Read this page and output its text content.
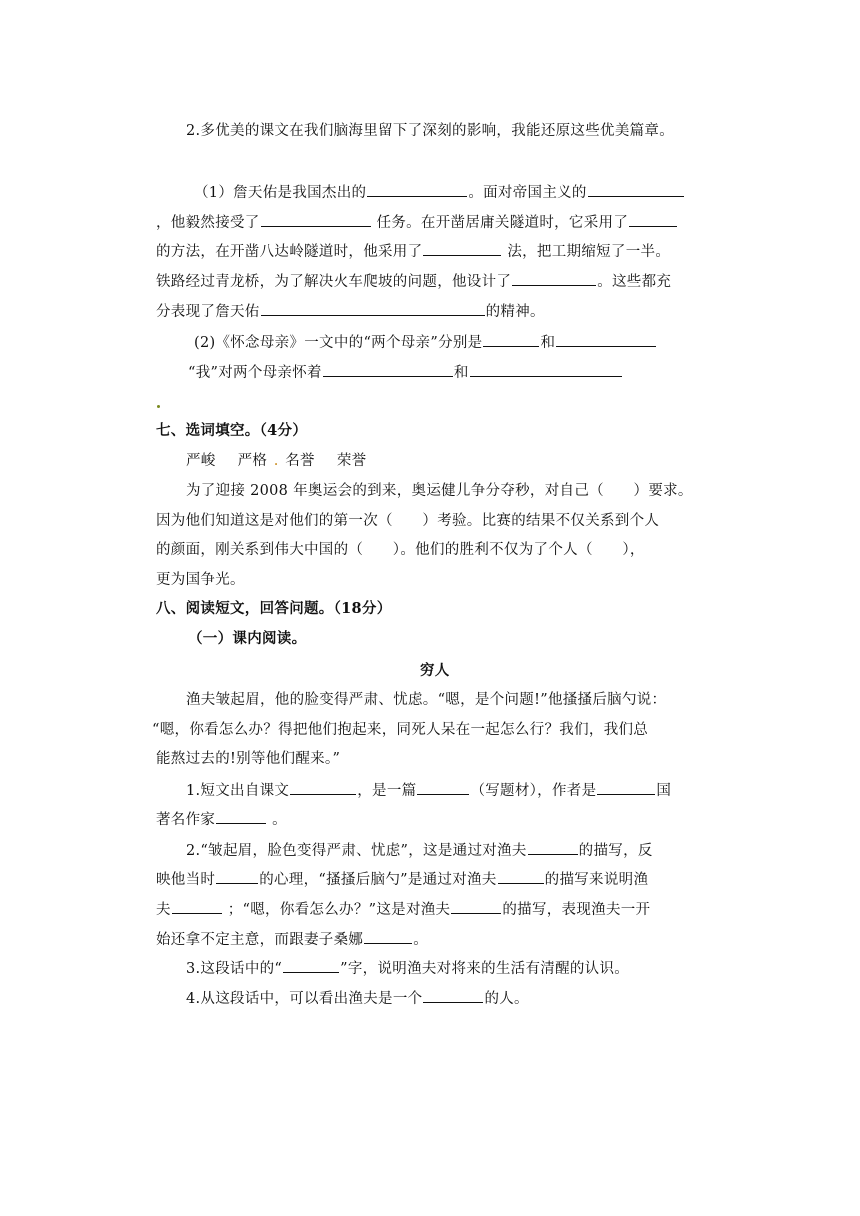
2.多优美的课文在我们脑海里留下了深刻的影响，我能还原这些优美篇章。
（1）詹天佑是我国杰出的	。面对帝国主义的
，他毅然接受了	任务。在开凿居庸关隧道时，它采用了
的方法，在开凿八达岭隧道时，他采用了	法，把工期缩短了一半。
铁路经过青龙桥，为了解决火车爬坡的问题，他设计了	。这些都充
分表现了詹天佑	的精神。
(2)《怀念母亲》一文中的“两个母亲”分别是	和
“我”对两个母亲怀着	和
七、选词填空。（4分）
严峻 严格 . 名誉 荣誉
为了迎接 2008 年奥运会的到来，奥运健儿争分夺秒，对自己（　　）要求。
因为他们知道这是对他们的第一次（　　）考验。比赛的结果不仅关系到个人
的颜面，刚关系到伟大中国的（　　）。他们的胜利不仅为了个人（　　），
更为国争光。
八、阅读短文，回答问题。（18分）
（一）课内阅读。
穷人
渔夫皱起眉，他的脸变得严肃、忧虑。“嗯，是个问题!”他搔搔后脑勺说：
“嗯，你看怎么办？得把他们抱起来，同死人呆在一起怎么行？我们，我们总
能熬过去的!别等他们醒来。”
1.短文出自课文	，是一篇	（写题材），作者是	国
著名作家	。
2.“皱起眉，脸色变得严肃、忧虑”，这是通过对渔夫	的描写，反
映他当时	的心理，“搔搔后脑勺”是通过对渔夫	的描写来说明渔
夫	；“嗯，你看怎么办？”这是对渔夫	的描写，表现渔夫一开
始还拿不定主意，而跟妻子桑娜	。
3.这段话中的“	”字，说明渔夫对将来的生活有清醒的认识。
4.从这段话中，可以看出渔夫是一个	的人。
